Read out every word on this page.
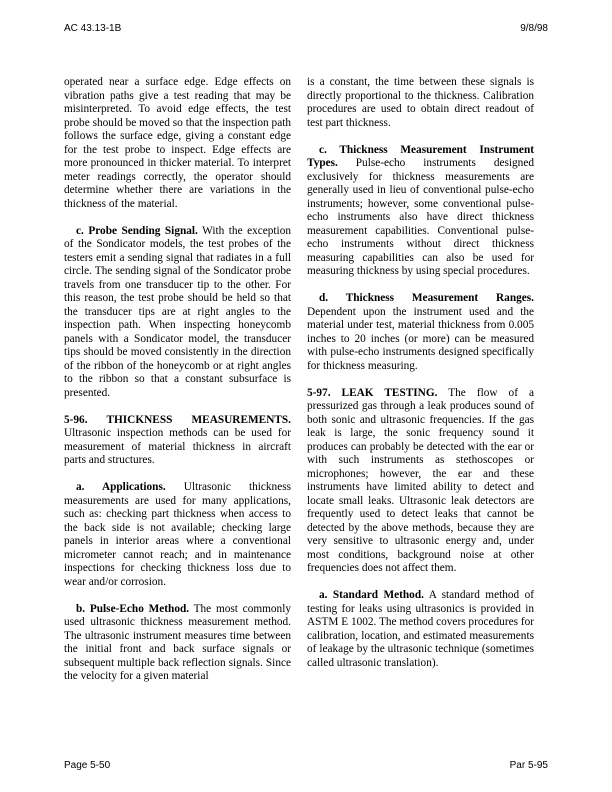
AC 43.13-1B	9/8/98

operated near a surface edge. Edge effects on vibration paths give a test reading that may be misinterpreted. To avoid edge effects, the test probe should be moved so that the inspection path follows the surface edge, giving a constant edge for the test probe to inspect. Edge effects are more pronounced in thicker material. To interpret meter readings correctly, the operator should determine whether there are variations in the thickness of the material.

c. Probe Sending Signal. With the exception of the Sondicator models, the test probes of the testers emit a sending signal that radiates in a full circle. The sending signal of the Sondicator probe travels from one transducer tip to the other. For this reason, the test probe should be held so that the transducer tips are at right angles to the inspection path. When inspecting honeycomb panels with a Sondicator model, the transducer tips should be moved consistently in the direction of the ribbon of the honeycomb or at right angles to the ribbon so that a constant subsurface is presented.

5-96. THICKNESS MEASUREMENTS. Ultrasonic inspection methods can be used for measurement of material thickness in aircraft parts and structures.

a. Applications. Ultrasonic thickness measurements are used for many applications, such as: checking part thickness when access to the back side is not available; checking large panels in interior areas where a conventional micrometer cannot reach; and in maintenance inspections for checking thickness loss due to wear and/or corrosion.

b. Pulse-Echo Method. The most commonly used ultrasonic thickness measurement method. The ultrasonic instrument measures time between the initial front and back surface signals or subsequent multiple back reflection signals. Since the velocity for a given material

is a constant, the time between these signals is directly proportional to the thickness. Calibration procedures are used to obtain direct readout of test part thickness.

c. Thickness Measurement Instrument Types. Pulse-echo instruments designed exclusively for thickness measurements are generally used in lieu of conventional pulse-echo instruments; however, some conventional pulse-echo instruments also have direct thickness measurement capabilities. Conventional pulse-echo instruments without direct thickness measuring capabilities can also be used for measuring thickness by using special procedures.

d. Thickness Measurement Ranges. Dependent upon the instrument used and the material under test, material thickness from 0.005 inches to 20 inches (or more) can be measured with pulse-echo instruments designed specifically for thickness measuring.

5-97. LEAK TESTING. The flow of a pressurized gas through a leak produces sound of both sonic and ultrasonic frequencies. If the gas leak is large, the sonic frequency sound it produces can probably be detected with the ear or with such instruments as stethoscopes or microphones; however, the ear and these instruments have limited ability to detect and locate small leaks. Ultrasonic leak detectors are frequently used to detect leaks that cannot be detected by the above methods, because they are very sensitive to ultrasonic energy and, under most conditions, background noise at other frequencies does not affect them.

a. Standard Method. A standard method of testing for leaks using ultrasonics is provided in ASTM E 1002. The method covers procedures for calibration, location, and estimated measurements of leakage by the ultrasonic technique (sometimes called ultrasonic translation).

Page 5-50	Par 5-95
